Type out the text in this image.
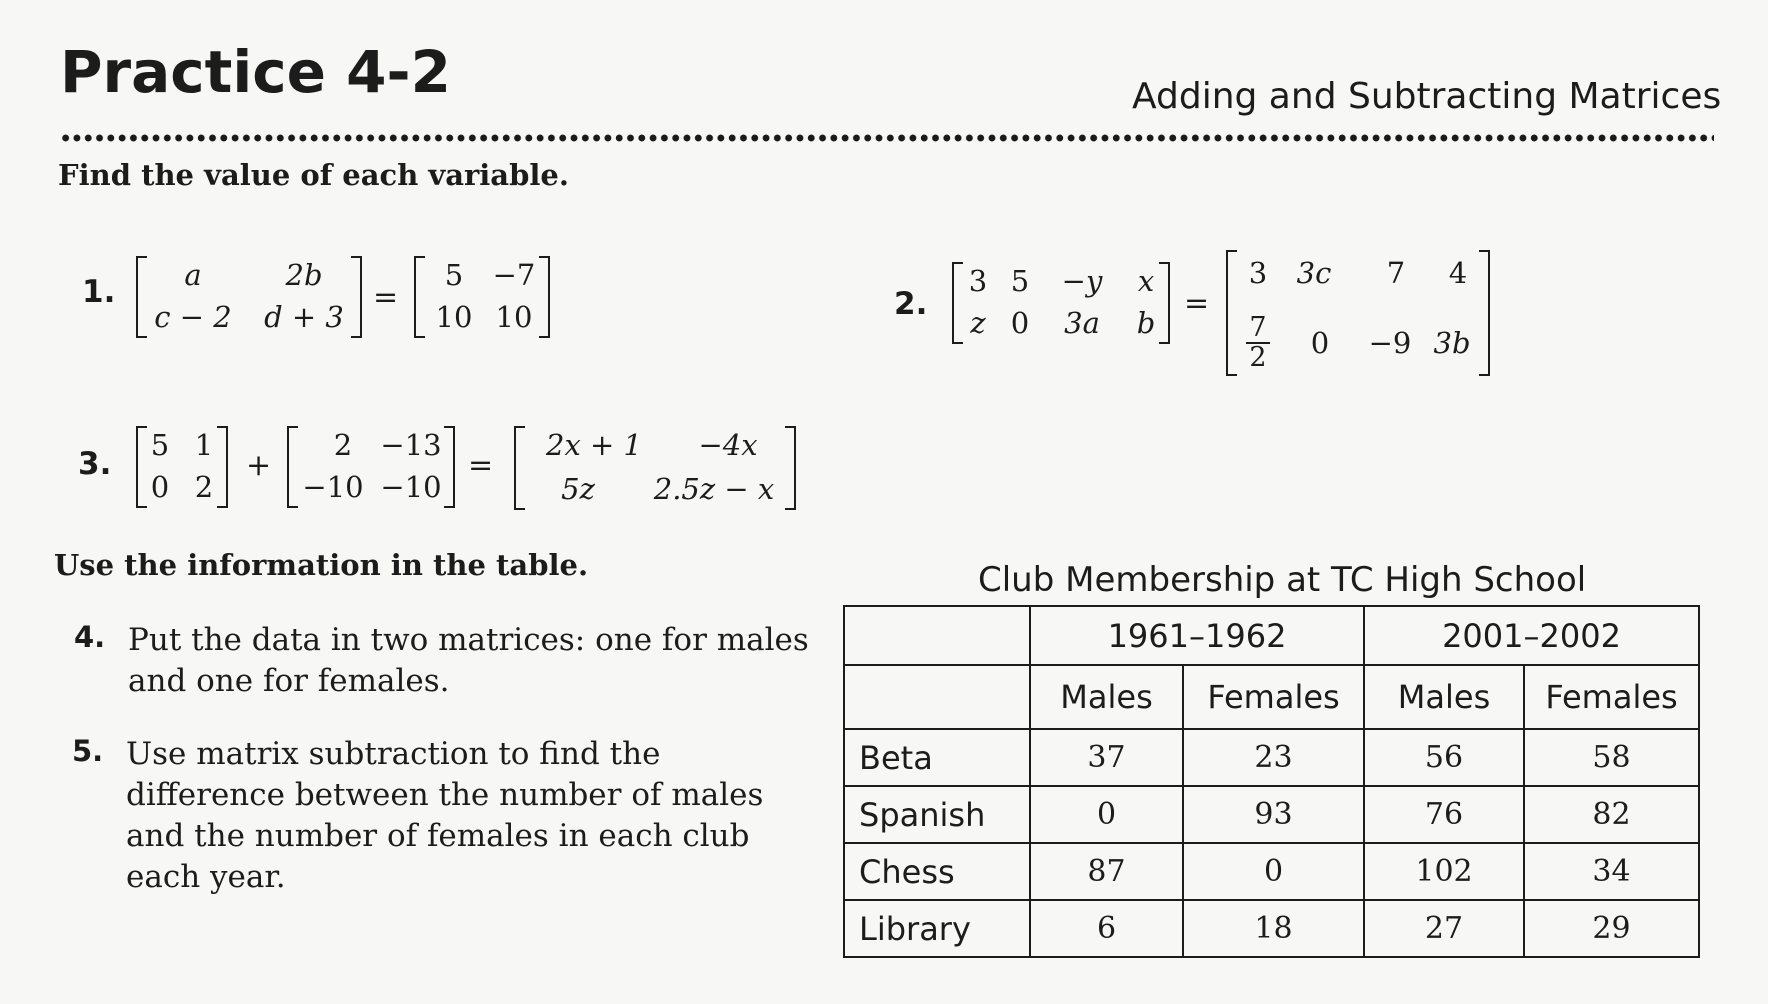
Practice 4-2	Adding and Subtracting Matrices
Find the value of each variable.
1. a	2b
c − 2 d + 3
=
5 −7
10 10	2.
3 5 −y x
z 0 3a b
=
3 3c 7 4
$\frac{7}{2} 0 -9$ 3b
3.
5 1
0 2
+
2 −13
−10 −10
=
2x + 1 −4x
5z 2.5z − x
Use the information in the table.
4. Put the data in two matrices: one for males
and one for females.
5. Use matrix subtraction to find the
difference between the number of males
and the number of females in each club
each year.
Club Membership at TC High School
	1961–1962		2001–2002	
	Males	Females	Males	Females
Beta	37	23	56	58
Spanish	0	93	76	82
Chess	87	0	102	34
Library	6	18	27	29
